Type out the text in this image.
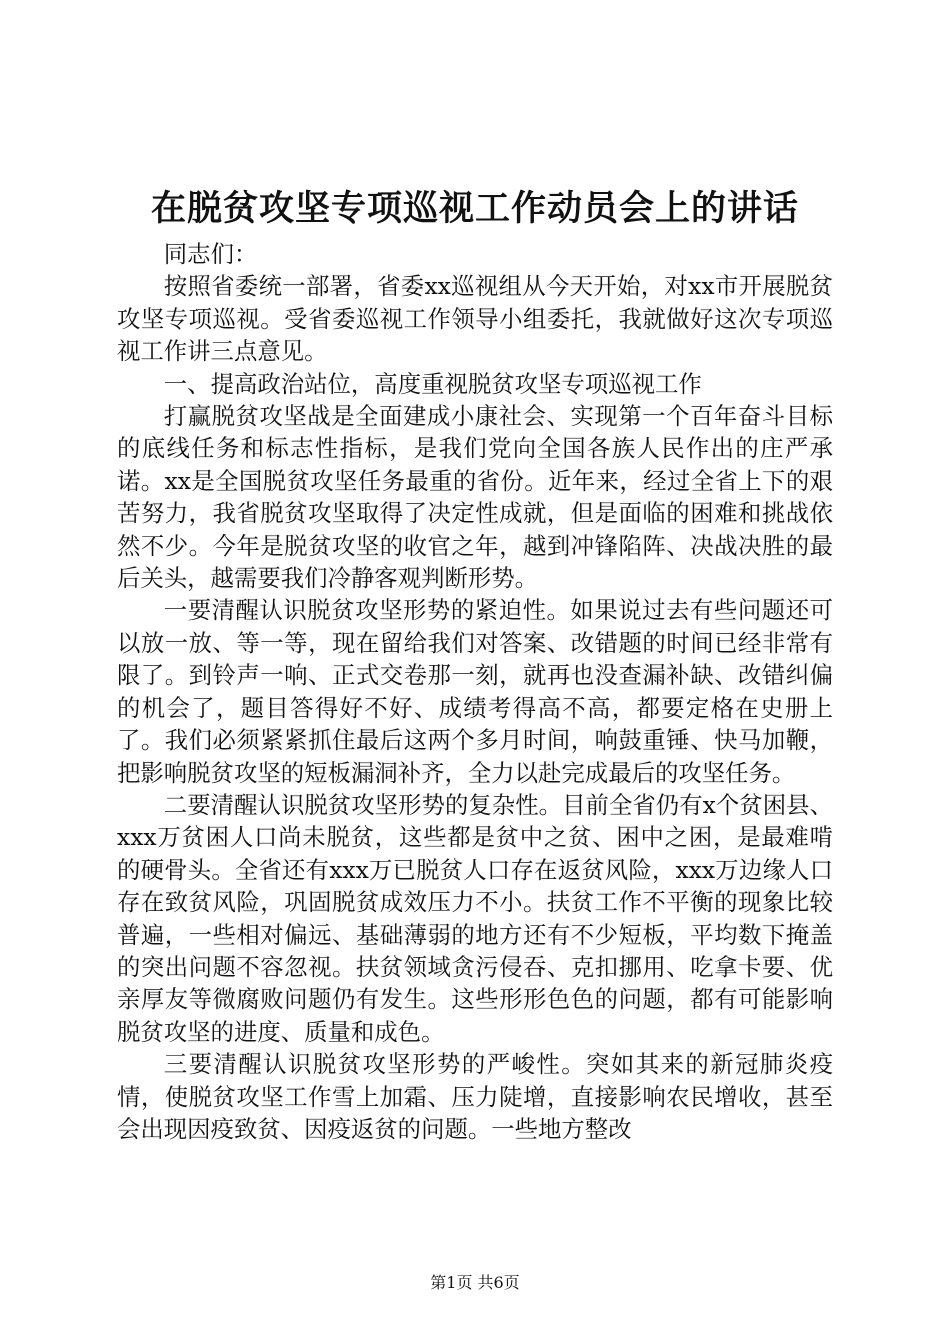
在脱贫攻坚专项巡视工作动员会上的讲话

同志们：

按照省委统一部署，省委xx巡视组从今天开始，对xx市开展脱贫攻坚专项巡视。受省委巡视工作领导小组委托，我就做好这次专项巡视工作讲三点意见。

一、提高政治站位，高度重视脱贫攻坚专项巡视工作

打赢脱贫攻坚战是全面建成小康社会、实现第一个百年奋斗目标的底线任务和标志性指标，是我们党向全国各族人民作出的庄严承诺。xx是全国脱贫攻坚任务最重的省份。近年来，经过全省上下的艰苦努力，我省脱贫攻坚取得了决定性成就，但是面临的困难和挑战依然不少。今年是脱贫攻坚的收官之年，越到冲锋陷阵、决战决胜的最后关头，越需要我们冷静客观判断形势。

一要清醒认识脱贫攻坚形势的紧迫性。如果说过去有些问题还可以放一放、等一等，现在留给我们对答案、改错题的时间已经非常有限了。到铃声一响、正式交卷那一刻，就再也没查漏补缺、改错纠偏的机会了，题目答得好不好、成绩考得高不高，都要定格在史册上了。我们必须紧紧抓住最后这两个多月时间，响鼓重锤、快马加鞭，把影响脱贫攻坚的短板漏洞补齐，全力以赴完成最后的攻坚任务。

二要清醒认识脱贫攻坚形势的复杂性。目前全省仍有x个贫困县、xxx万贫困人口尚未脱贫，这些都是贫中之贫、困中之困，是最难啃的硬骨头。全省还有xxx万已脱贫人口存在返贫风险，xxx万边缘人口存在致贫风险，巩固脱贫成效压力不小。扶贫工作不平衡的现象比较普遍，一些相对偏远、基础薄弱的地方还有不少短板，平均数下掩盖的突出问题不容忽视。扶贫领域贪污侵吞、克扣挪用、吃拿卡要、优亲厚友等微腐败问题仍有发生。这些形形色色的问题，都有可能影响脱贫攻坚的进度、质量和成色。

三要清醒认识脱贫攻坚形势的严峻性。突如其来的新冠肺炎疫情，使脱贫攻坚工作雪上加霜、压力陡增，直接影响农民增收，甚至会出现因疫致贫、因疫返贫的问题。一些地方整改

第1页 共6页
